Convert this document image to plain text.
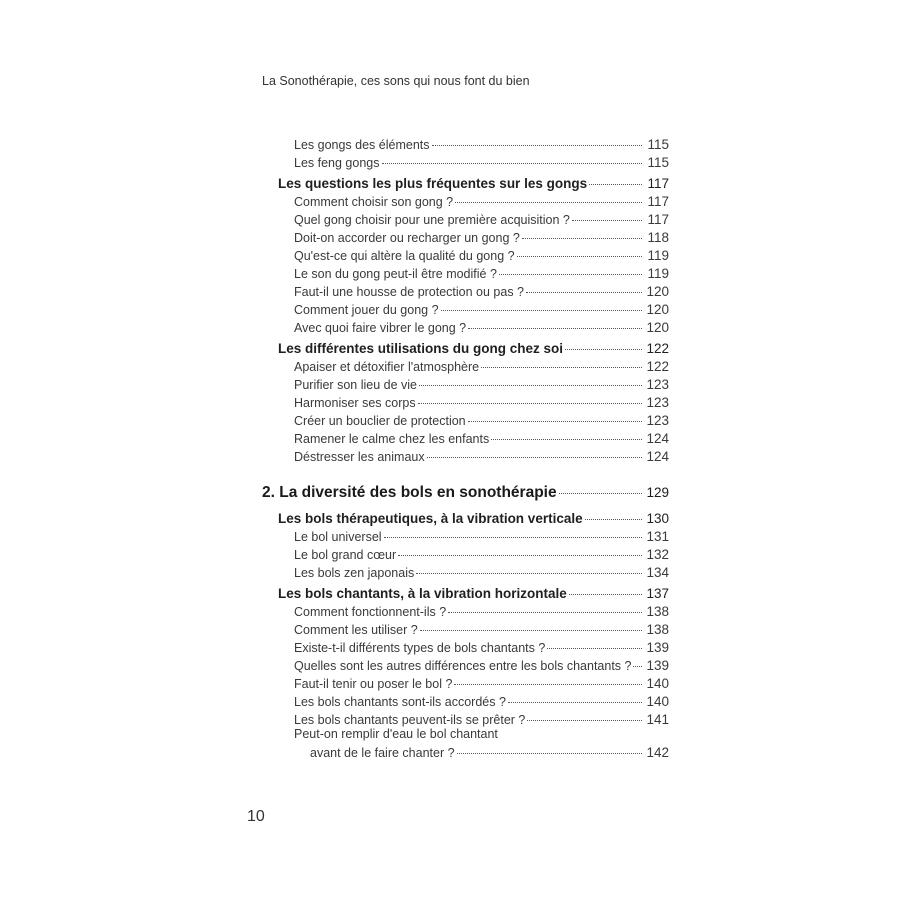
La Sonothérapie, ces sons qui nous font du bien
Les gongs des éléments	115
Les feng gongs	115
Les questions les plus fréquentes sur les gongs	117
Comment choisir son gong ?	117
Quel gong choisir pour une première acquisition ?	117
Doit-on accorder ou recharger un gong ?	118
Qu'est-ce qui altère la qualité du gong ?	119
Le son du gong peut-il être modifié ?	119
Faut-il une housse de protection ou pas ?	120
Comment jouer du gong ?	120
Avec quoi faire vibrer le gong ?	120
Les différentes utilisations du gong chez soi	122
Apaiser et détoxifier l'atmosphère	122
Purifier son lieu de vie	123
Harmoniser ses corps	123
Créer un bouclier de protection	123
Ramener le calme chez les enfants	124
Déstresser les animaux	124
2. La diversité des bols en sonothérapie	129
Les bols thérapeutiques, à la vibration verticale	130
Le bol universel	131
Le bol grand cœur	132
Les bols zen japonais	134
Les bols chantants, à la vibration horizontale	137
Comment fonctionnent-ils ?	138
Comment les utiliser ?	138
Existe-t-il différents types de bols chantants ?	139
Quelles sont les autres différences entre les bols chantants ? 139
Faut-il tenir ou poser le bol ?	140
Les bols chantants sont-ils accordés ?	140
Les bols chantants peuvent-ils se prêter ?	141
Peut-on remplir d'eau le bol chantant
avant de le faire chanter ?	142
10
